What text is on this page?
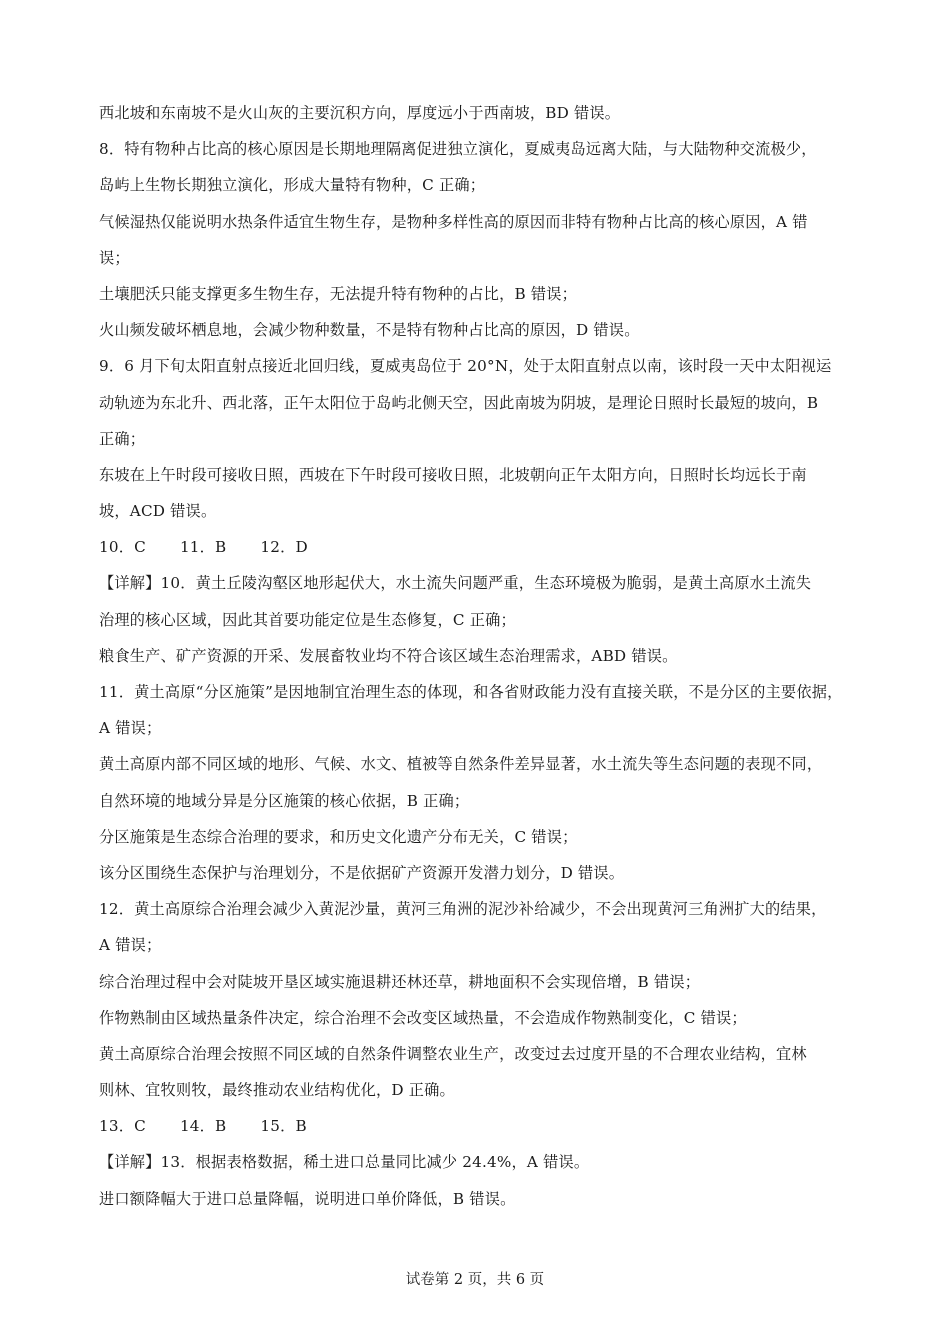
西北坡和东南坡不是火山灰的主要沉积方向，厚度远小于西南坡，BD 错误。
8．特有物种占比高的核心原因是长期地理隔离促进独立演化，夏威夷岛远离大陆，与大陆物种交流极少，
岛屿上生物长期独立演化，形成大量特有物种，C 正确；
气候湿热仅能说明水热条件适宜生物生存，是物种多样性高的原因而非特有物种占比高的核心原因，A 错
误；
土壤肥沃只能支撑更多生物生存，无法提升特有物种的占比，B 错误；
火山频发破坏栖息地，会减少物种数量，不是特有物种占比高的原因，D 错误。
9．6 月下旬太阳直射点接近北回归线，夏威夷岛位于 20°N，处于太阳直射点以南，该时段一天中太阳视运
动轨迹为东北升、西北落，正午太阳位于岛屿北侧天空，因此南坡为阴坡，是理论日照时长最短的坡向，B
正确；
东坡在上午时段可接收日照，西坡在下午时段可接收日照，北坡朝向正午太阳方向，日照时长均远长于南
坡，ACD 错误。
10．C 11．B 12．D
【详解】10．黄土丘陵沟壑区地形起伏大，水土流失问题严重，生态环境极为脆弱，是黄土高原水土流失
治理的核心区域，因此其首要功能定位是生态修复，C 正确；
粮食生产、矿产资源的开采、发展畜牧业均不符合该区域生态治理需求，ABD 错误。
11．黄土高原“分区施策”是因地制宜治理生态的体现，和各省财政能力没有直接关联，不是分区的主要依据，
A 错误；
黄土高原内部不同区域的地形、气候、水文、植被等自然条件差异显著，水土流失等生态问题的表现不同，
自然环境的地域分异是分区施策的核心依据，B 正确；
分区施策是生态综合治理的要求，和历史文化遗产分布无关，C 错误；
该分区围绕生态保护与治理划分，不是依据矿产资源开发潜力划分，D 错误。
12．黄土高原综合治理会减少入黄泥沙量，黄河三角洲的泥沙补给减少，不会出现黄河三角洲扩大的结果，
A 错误；
综合治理过程中会对陡坡开垦区域实施退耕还林还草，耕地面积不会实现倍增，B 错误；
作物熟制由区域热量条件决定，综合治理不会改变区域热量，不会造成作物熟制变化，C 错误；
黄土高原综合治理会按照不同区域的自然条件调整农业生产，改变过去过度开垦的不合理农业结构，宜林
则林、宜牧则牧，最终推动农业结构优化，D 正确。
13．C 14．B 15．B
【详解】13．根据表格数据，稀土进口总量同比减少 24.4%，A 错误。
进口额降幅大于进口总量降幅，说明进口单价降低，B 错误。
试卷第 2 页，共 6 页
